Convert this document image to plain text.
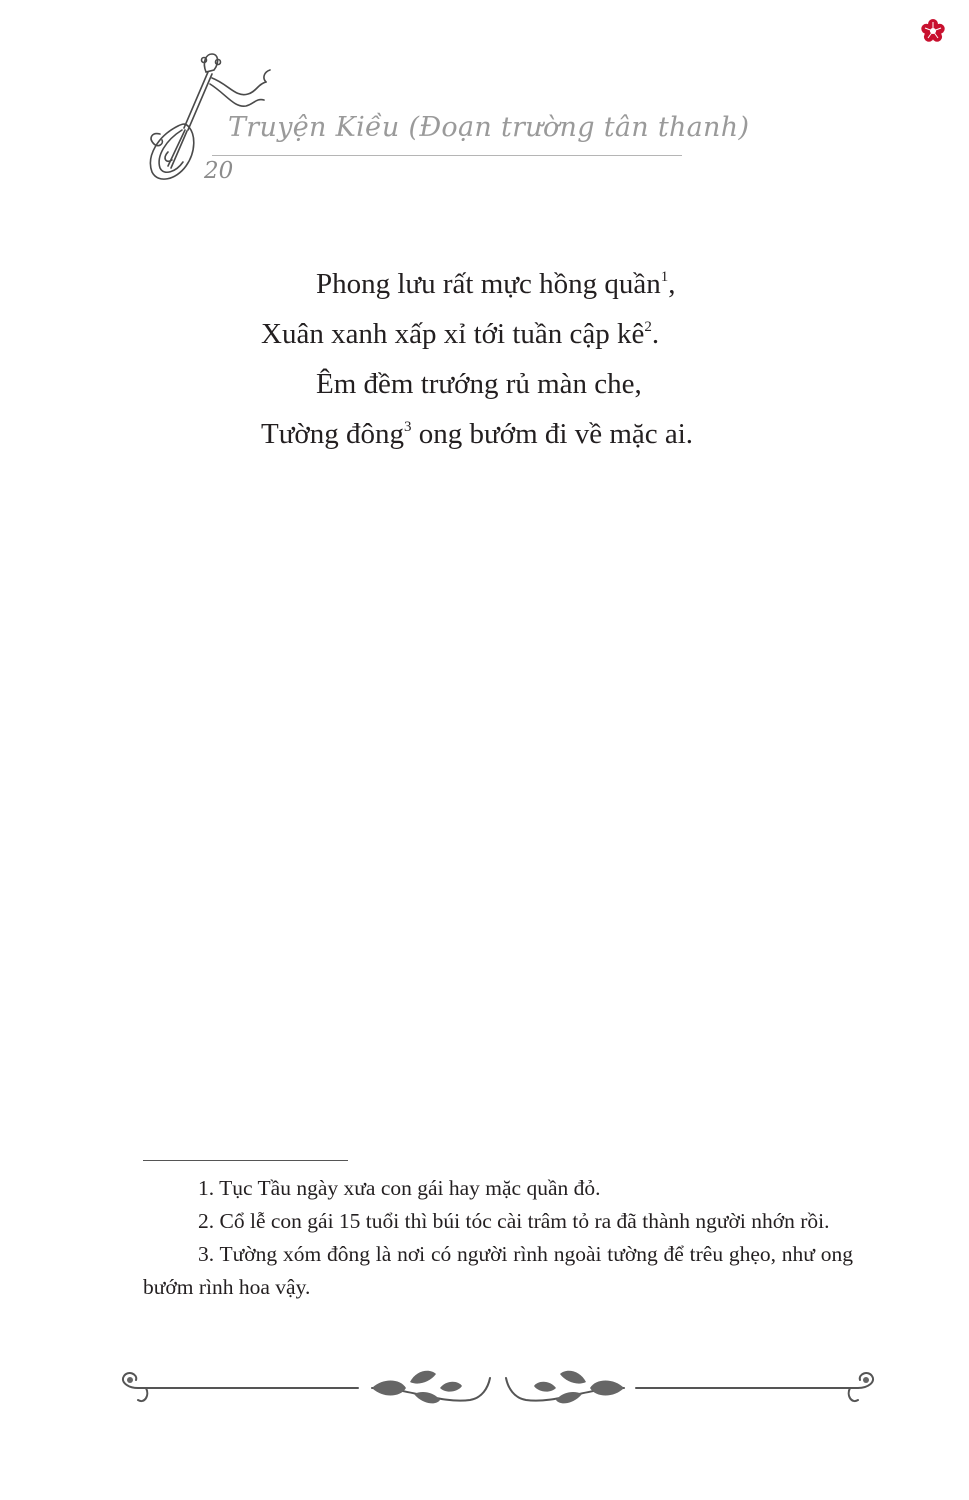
Truyện Kiều (Đoạn trường tân thanh)
20
Phong lưu rất mực hồng quần$^1$,
Xuân xanh xấp xỉ tới tuần cập $kê^2$.
Êm đềm trướng rủ màn che,
Tường đông$^3$ ong bướm đi về mặc ai.

1. Tục Tầu ngày xưa con gái hay mặc quần đỏ.

2. Cổ lễ con gái 15 tuổi thì búi tóc cài trâm tỏ ra đã thành người nhớn rồi.

3. Tường xóm đông là nơi có người rình ngoài tường để trêu ghẹo, như ong bướm rình hoa vậy.
